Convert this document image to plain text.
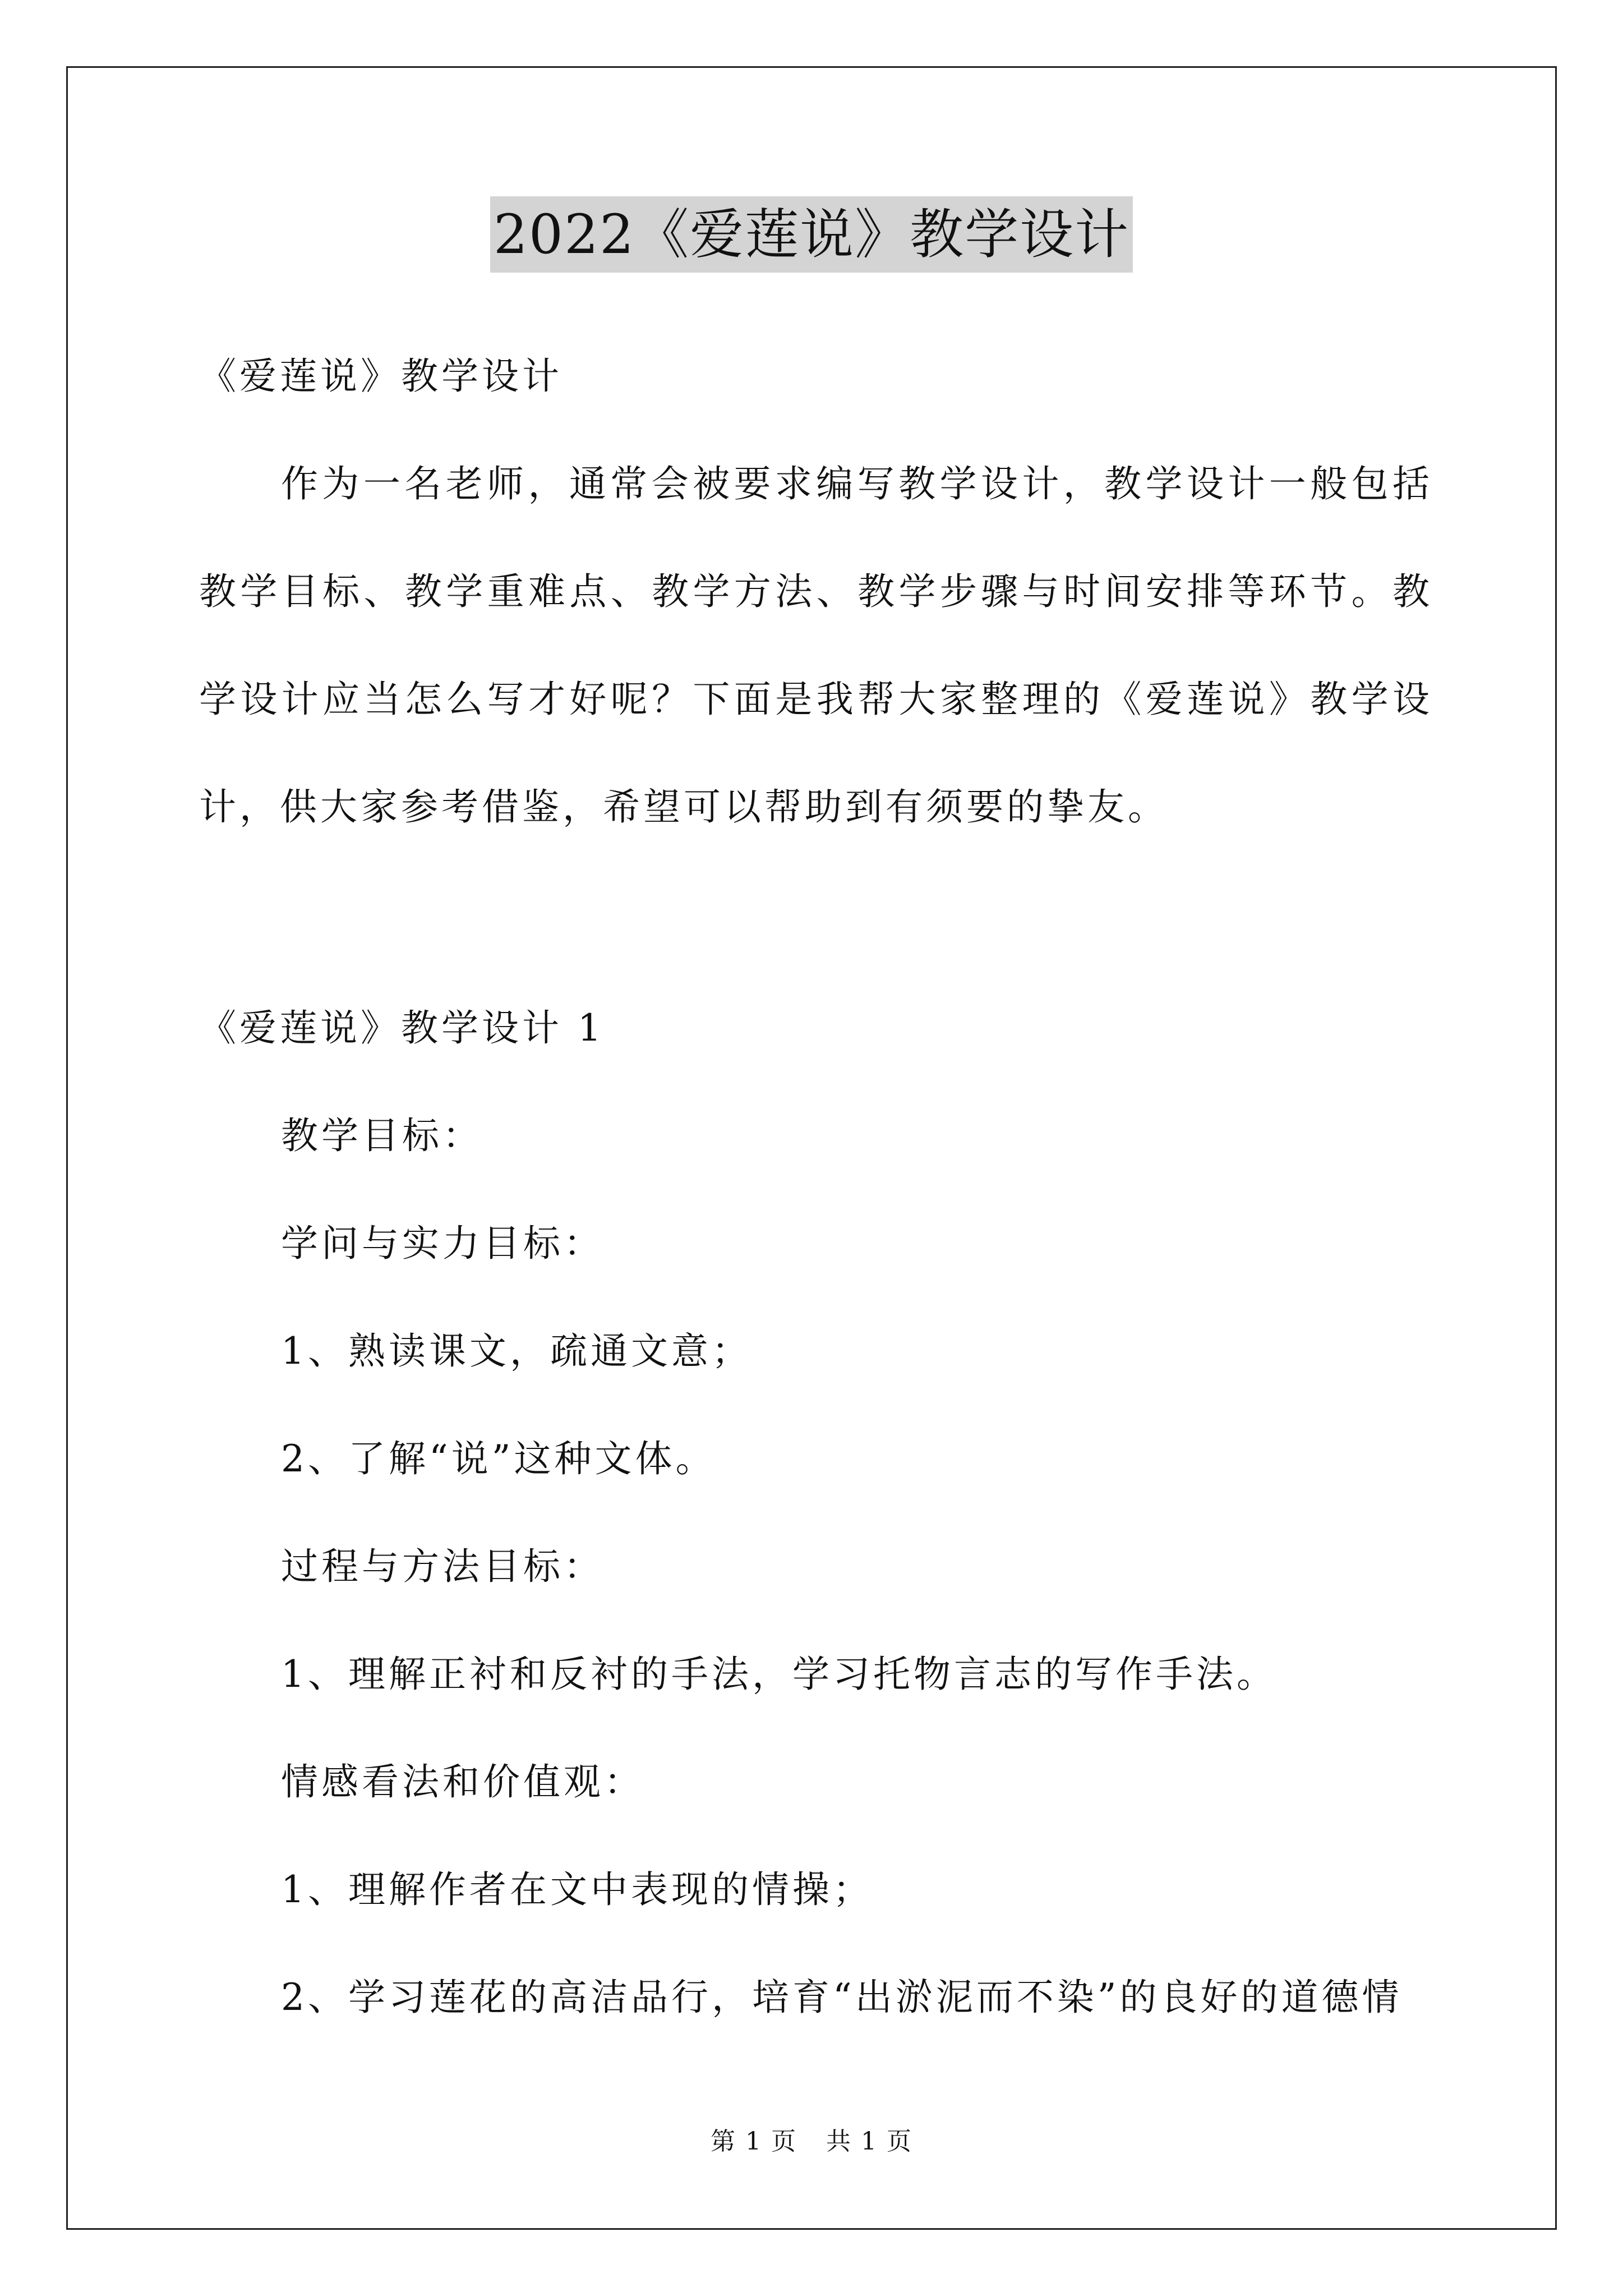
2022《爱莲说》教学设计
《爱莲说》教学设计
作为一名老师，通常会被要求编写教学设计，教学设计一般包括
教学目标、教学重难点、教学方法、教学步骤与时间安排等环节。教
学设计应当怎么写才好呢？下面是我帮大家整理的《爱莲说》教学设
计，供大家参考借鉴，希望可以帮助到有须要的挚友。
《爱莲说》教学设计 1
教学目标：
学问与实力目标：
1、熟读课文，疏通文意；
2、了解“说”这种文体。
过程与方法目标：
1、理解正衬和反衬的手法，学习托物言志的写作手法。
情感看法和价值观：
1、理解作者在文中表现的情操；
2、学习莲花的高洁品行，培育“出淤泥而不染”的良好的道德情
第 1 页 共 1 页
